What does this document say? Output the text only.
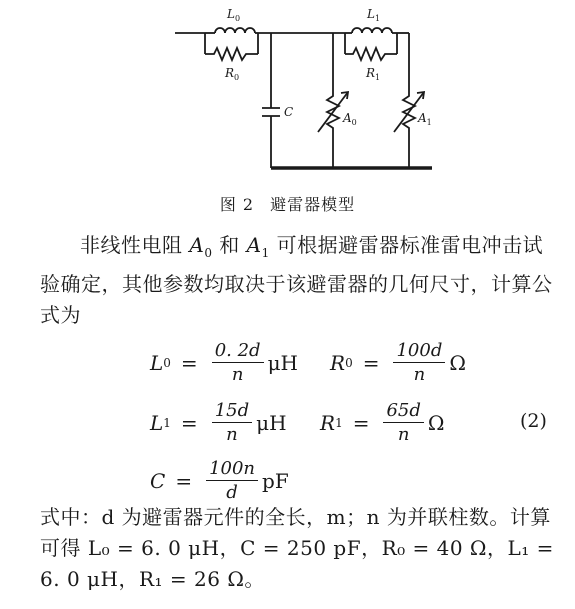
$L_0$
$R_0$
C	$A_0$
$L_1$
$R_1$
$A_1$
图 2 避雷器模型
非线性电阻 $A_0$ 和 $A_1$ 可根据避雷器标准雷电冲击试验确定，其他参数均取决于该避雷器的几何尺寸，计算公式为
L $0 = \frac{0. 2d}{n}$ μH R $0 = \frac{100d}{n}$ Ω
L $1 = \frac{15d}{n}$ μH R $1 = \frac{65d}{n}$ Ω	(2)
$C = \frac{100n}{d}$ pF
式中：d 为避雷器元件的全长，m；n 为并联柱数。计算可得 L₀ = 6. 0 μH，C = 250 pF，R₀ = 40 Ω，L₁ = 6. 0 μH，R₁ = 26 Ω。
